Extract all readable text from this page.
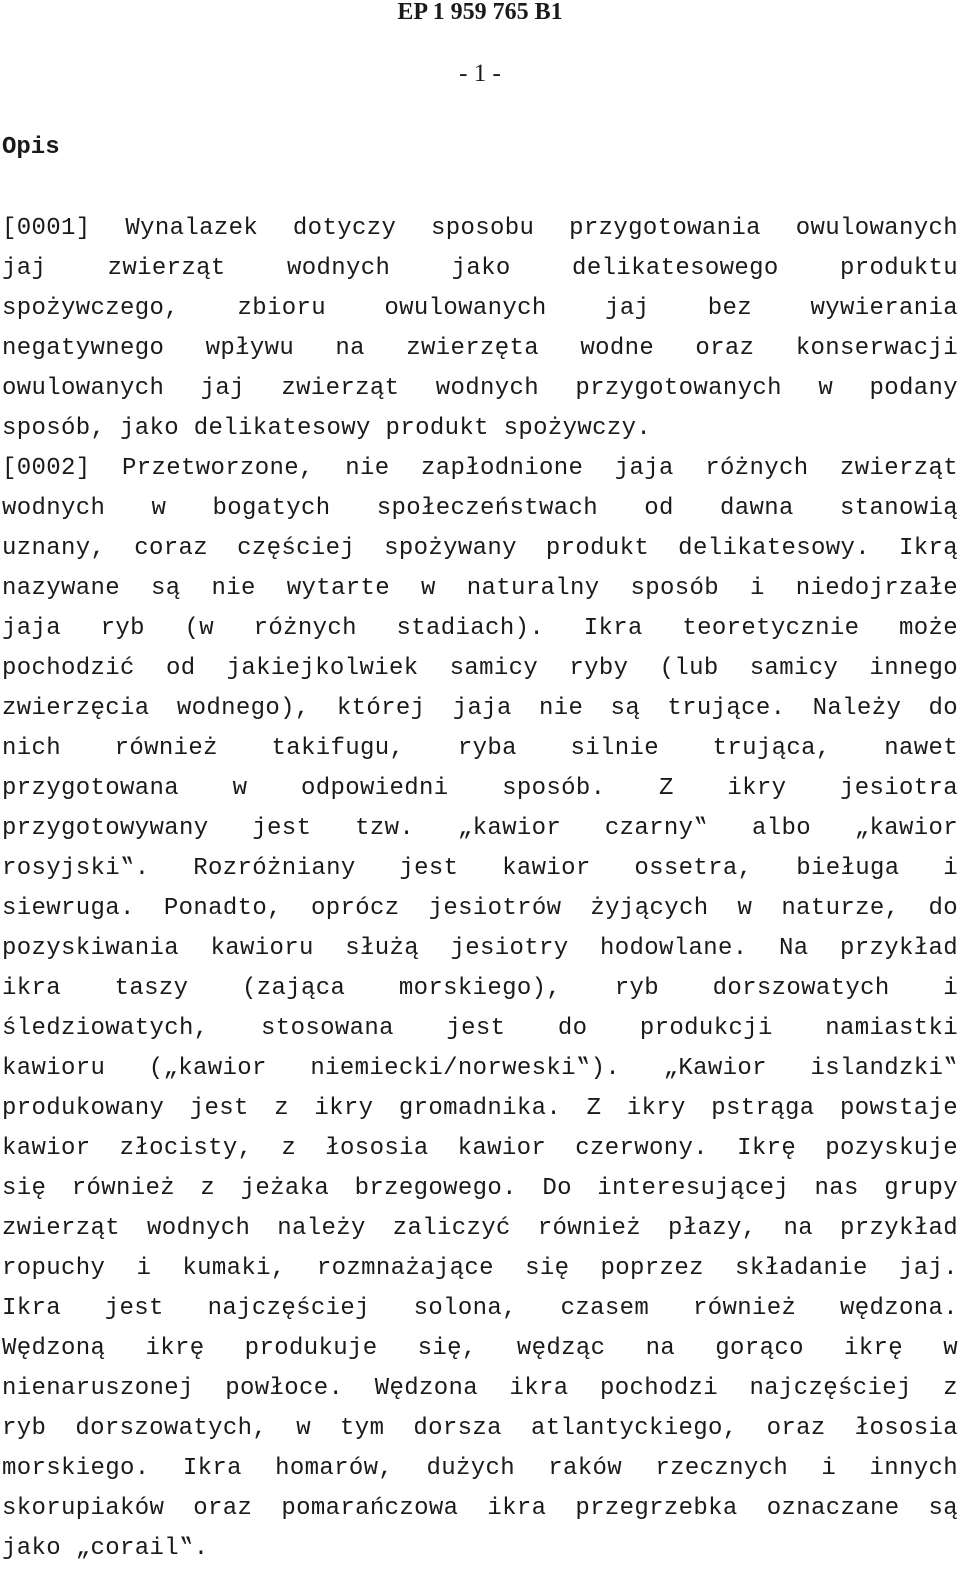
EP 1 959 765 B1
- 1 -
Opis
[0001] Wynalazek dotyczy sposobu przygotowania owulowanych
jaj zwierząt wodnych jako delikatesowego produktu
spożywczego, zbioru owulowanych jaj bez wywierania
negatywnego wpływu na zwierzęta wodne oraz konserwacji
owulowanych jaj zwierząt wodnych przygotowanych w podany
sposób, jako delikatesowy produkt spożywczy.
[0002] Przetworzone, nie zapłodnione jaja różnych zwierząt
wodnych w bogatych społeczeństwach od dawna stanowią
uznany, coraz częściej spożywany produkt delikatesowy. Ikrą
nazywane są nie wytarte w naturalny sposób i niedojrzałe
jaja ryb (w różnych stadiach). Ikra teoretycznie może
pochodzić od jakiejkolwiek samicy ryby (lub samicy innego
zwierzęcia wodnego), której jaja nie są trujące. Należy do
nich również takifugu, ryba silnie trująca, nawet
przygotowana w odpowiedni sposób. Z ikry jesiotra
przygotowywany jest tzw. „kawior czarny‟ albo „kawior
rosyjski‟. Rozróżniany jest kawior ossetra, bieługa i
siewruga. Ponadto, oprócz jesiotrów żyjących w naturze, do
pozyskiwania kawioru służą jesiotry hodowlane. Na przykład
ikra taszy (zająca morskiego), ryb dorszowatych i
śledziowatych, stosowana jest do produkcji namiastki
kawioru („kawior niemiecki/norweski‟). „Kawior islandzki‟
produkowany jest z ikry gromadnika. Z ikry pstrąga powstaje
kawior złocisty, z łososia kawior czerwony. Ikrę pozyskuje
się również z jeżaka brzegowego. Do interesującej nas grupy
zwierząt wodnych należy zaliczyć również płazy, na przykład
ropuchy i kumaki, rozmnażające się poprzez składanie jaj.
Ikra jest najczęściej solona, czasem również wędzona.
Wędzoną ikrę produkuje się, wędząc na gorąco ikrę w
nienaruszonej powłoce. Wędzona ikra pochodzi najczęściej z
ryb dorszowatych, w tym dorsza atlantyckiego, oraz łososia
morskiego. Ikra homarów, dużych raków rzecznych i innych
skorupiaków oraz pomarańczowa ikra przegrzebka oznaczane są
jako „corail‟.
